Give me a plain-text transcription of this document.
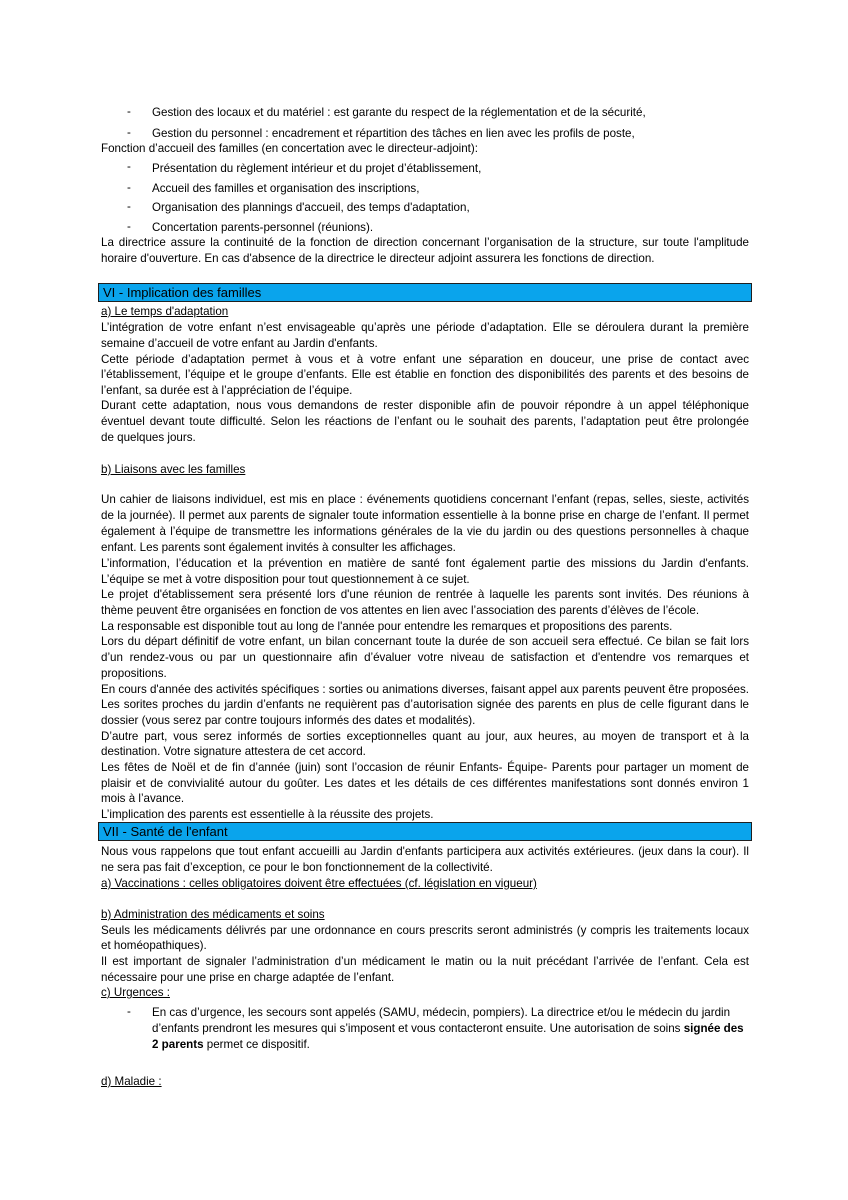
- Gestion des locaux et du matériel : est garante du respect de la réglementation et de la sécurité,
- Gestion du personnel : encadrement et répartition des tâches en lien avec les profils de poste,
Fonction d’accueil des familles (en concertation avec le directeur-adjoint):
- Présentation du règlement intérieur et du projet d’établissement,
- Accueil des familles et organisation des inscriptions,
- Organisation des plannings d'accueil, des temps d'adaptation,
- Concertation parents-personnel (réunions).
La directrice assure la continuité de la fonction de direction concernant l’organisation de la structure, sur toute l'amplitude
horaire d'ouverture. En cas d'absence de la directrice le directeur adjoint assurera les fonctions de direction.
VI - Implication des familles
a) Le temps d'adaptation
L’intégration de votre enfant n’est envisageable qu’après une période d’adaptation. Elle se déroulera durant la première
semaine d’accueil de votre enfant au Jardin d'enfants.
Cette période d’adaptation permet à vous et à votre enfant une séparation en douceur, une prise de contact avec
l’établissement, l’équipe et le groupe d’enfants. Elle est établie en fonction des disponibilités des parents et des besoins de
l’enfant, sa durée est à l’appréciation de l’équipe.
Durant cette adaptation, nous vous demandons de rester disponible afin de pouvoir répondre à un appel téléphonique
éventuel devant toute difficulté. Selon les réactions de l’enfant ou le souhait des parents, l’adaptation peut être prolongée
de quelques jours.
b) Liaisons avec les familles
Un cahier de liaisons individuel, est mis en place : événements quotidiens concernant l’enfant (repas, selles, sieste, activités
de la journée). Il permet aux parents de signaler toute information essentielle à la bonne prise en charge de l’enfant. Il permet
également à l’équipe de transmettre les informations générales de la vie du jardin ou des questions personnelles à chaque
enfant. Les parents sont également invités à consulter les affichages.
L’information, l’éducation et la prévention en matière de santé font également partie des missions du Jardin d'enfants.
L’équipe se met à votre disposition pour tout questionnement à ce sujet.
Le projet d'établissement sera présenté lors d'une réunion de rentrée à laquelle les parents sont invités. Des réunions à
thème peuvent être organisées en fonction de vos attentes en lien avec l’association des parents d’élèves de l’école.
La responsable est disponible tout au long de l'année pour entendre les remarques et propositions des parents.
Lors du départ définitif de votre enfant, un bilan concernant toute la durée de son accueil sera effectué. Ce bilan se fait lors
d’un rendez-vous ou par un questionnaire afin d’évaluer votre niveau de satisfaction et d'entendre vos remarques et
propositions.
En cours d'année des activités spécifiques : sorties ou animations diverses, faisant appel aux parents peuvent être proposées.
Les sorites proches du jardin d’enfants ne requièrent pas d’autorisation signée des parents en plus de celle figurant dans le
dossier (vous serez par contre toujours informés des dates et modalités).
D’autre part, vous serez informés de sorties exceptionnelles quant au jour, aux heures, au moyen de transport et à la
destination. Votre signature attestera de cet accord.
Les fêtes de Noël et de fin d’année (juin) sont l’occasion de réunir Enfants- Équipe- Parents pour partager un moment de
plaisir et de convivialité autour du goûter. Les dates et les détails de ces différentes manifestations sont donnés environ 1
mois à l’avance.
L’implication des parents est essentielle à la réussite des projets.
VII - Santé de l'enfant
Nous vous rappelons que tout enfant accueilli au Jardin d'enfants participera aux activités extérieures. (jeux dans la cour). Il
ne sera pas fait d’exception, ce pour le bon fonctionnement de la collectivité.
a) Vaccinations : celles obligatoires doivent être effectuées (cf. législation en vigueur)
b) Administration des médicaments et soins
Seuls les médicaments délivrés par une ordonnance en cours prescrits seront administrés (y compris les traitements locaux
et homéopathiques).
Il est important de signaler l’administration d’un médicament le matin ou la nuit précédant l’arrivée de l’enfant. Cela est
nécessaire pour une prise en charge adaptée de l’enfant.
c) Urgences :
- En cas d’urgence, les secours sont appelés (SAMU, médecin, pompiers). La directrice et/ou le médecin du jardin
d’enfants prendront les mesures qui s’imposent et vous contacteront ensuite. Une autorisation de soins signée des
2 parents permet ce dispositif.
d) Maladie :
